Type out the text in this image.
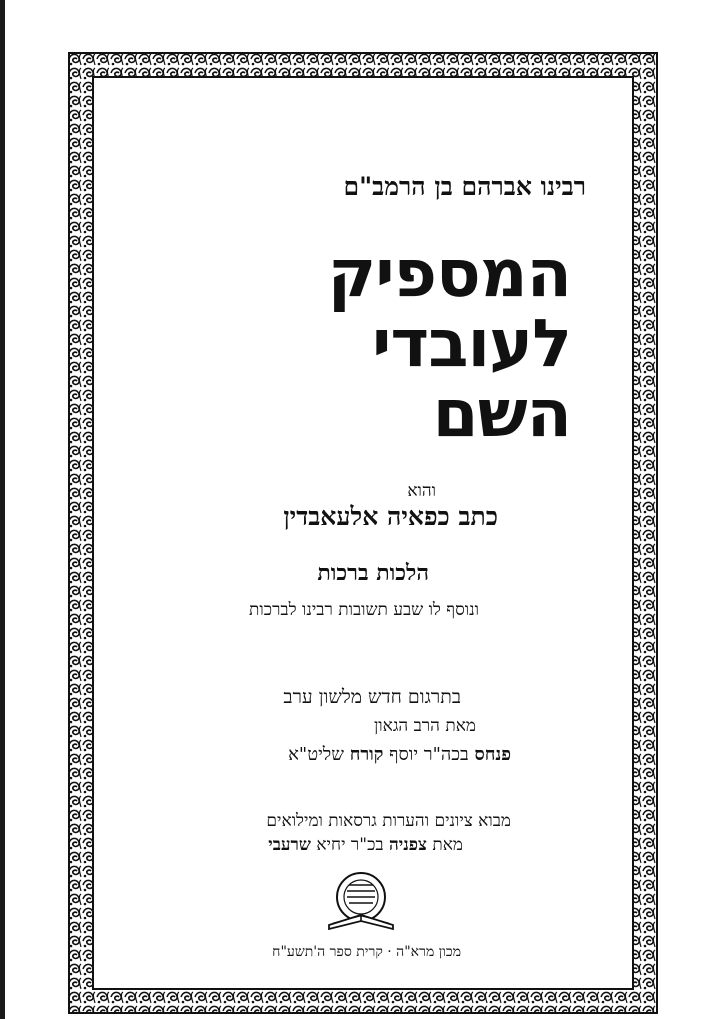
רבינו אברהם בן הרמב"ם
המספיק
לעובדי
השם
והוא
כתב כפאיה אלעאבדין
הלכות ברכות
ונוסף לו שבע תשובות רבינו לברכות
בתרגום חדש מלשון ערב
מאת הרב הגאון
פנחס בכה"ר יוסף קורח שליט"א
מבוא ציונים והערות גרסאות ומילואים
מאת צפניה בכ"ר יחיא שרעבי
מכון מרא"ה · קרית ספר ה'תשע"ח
